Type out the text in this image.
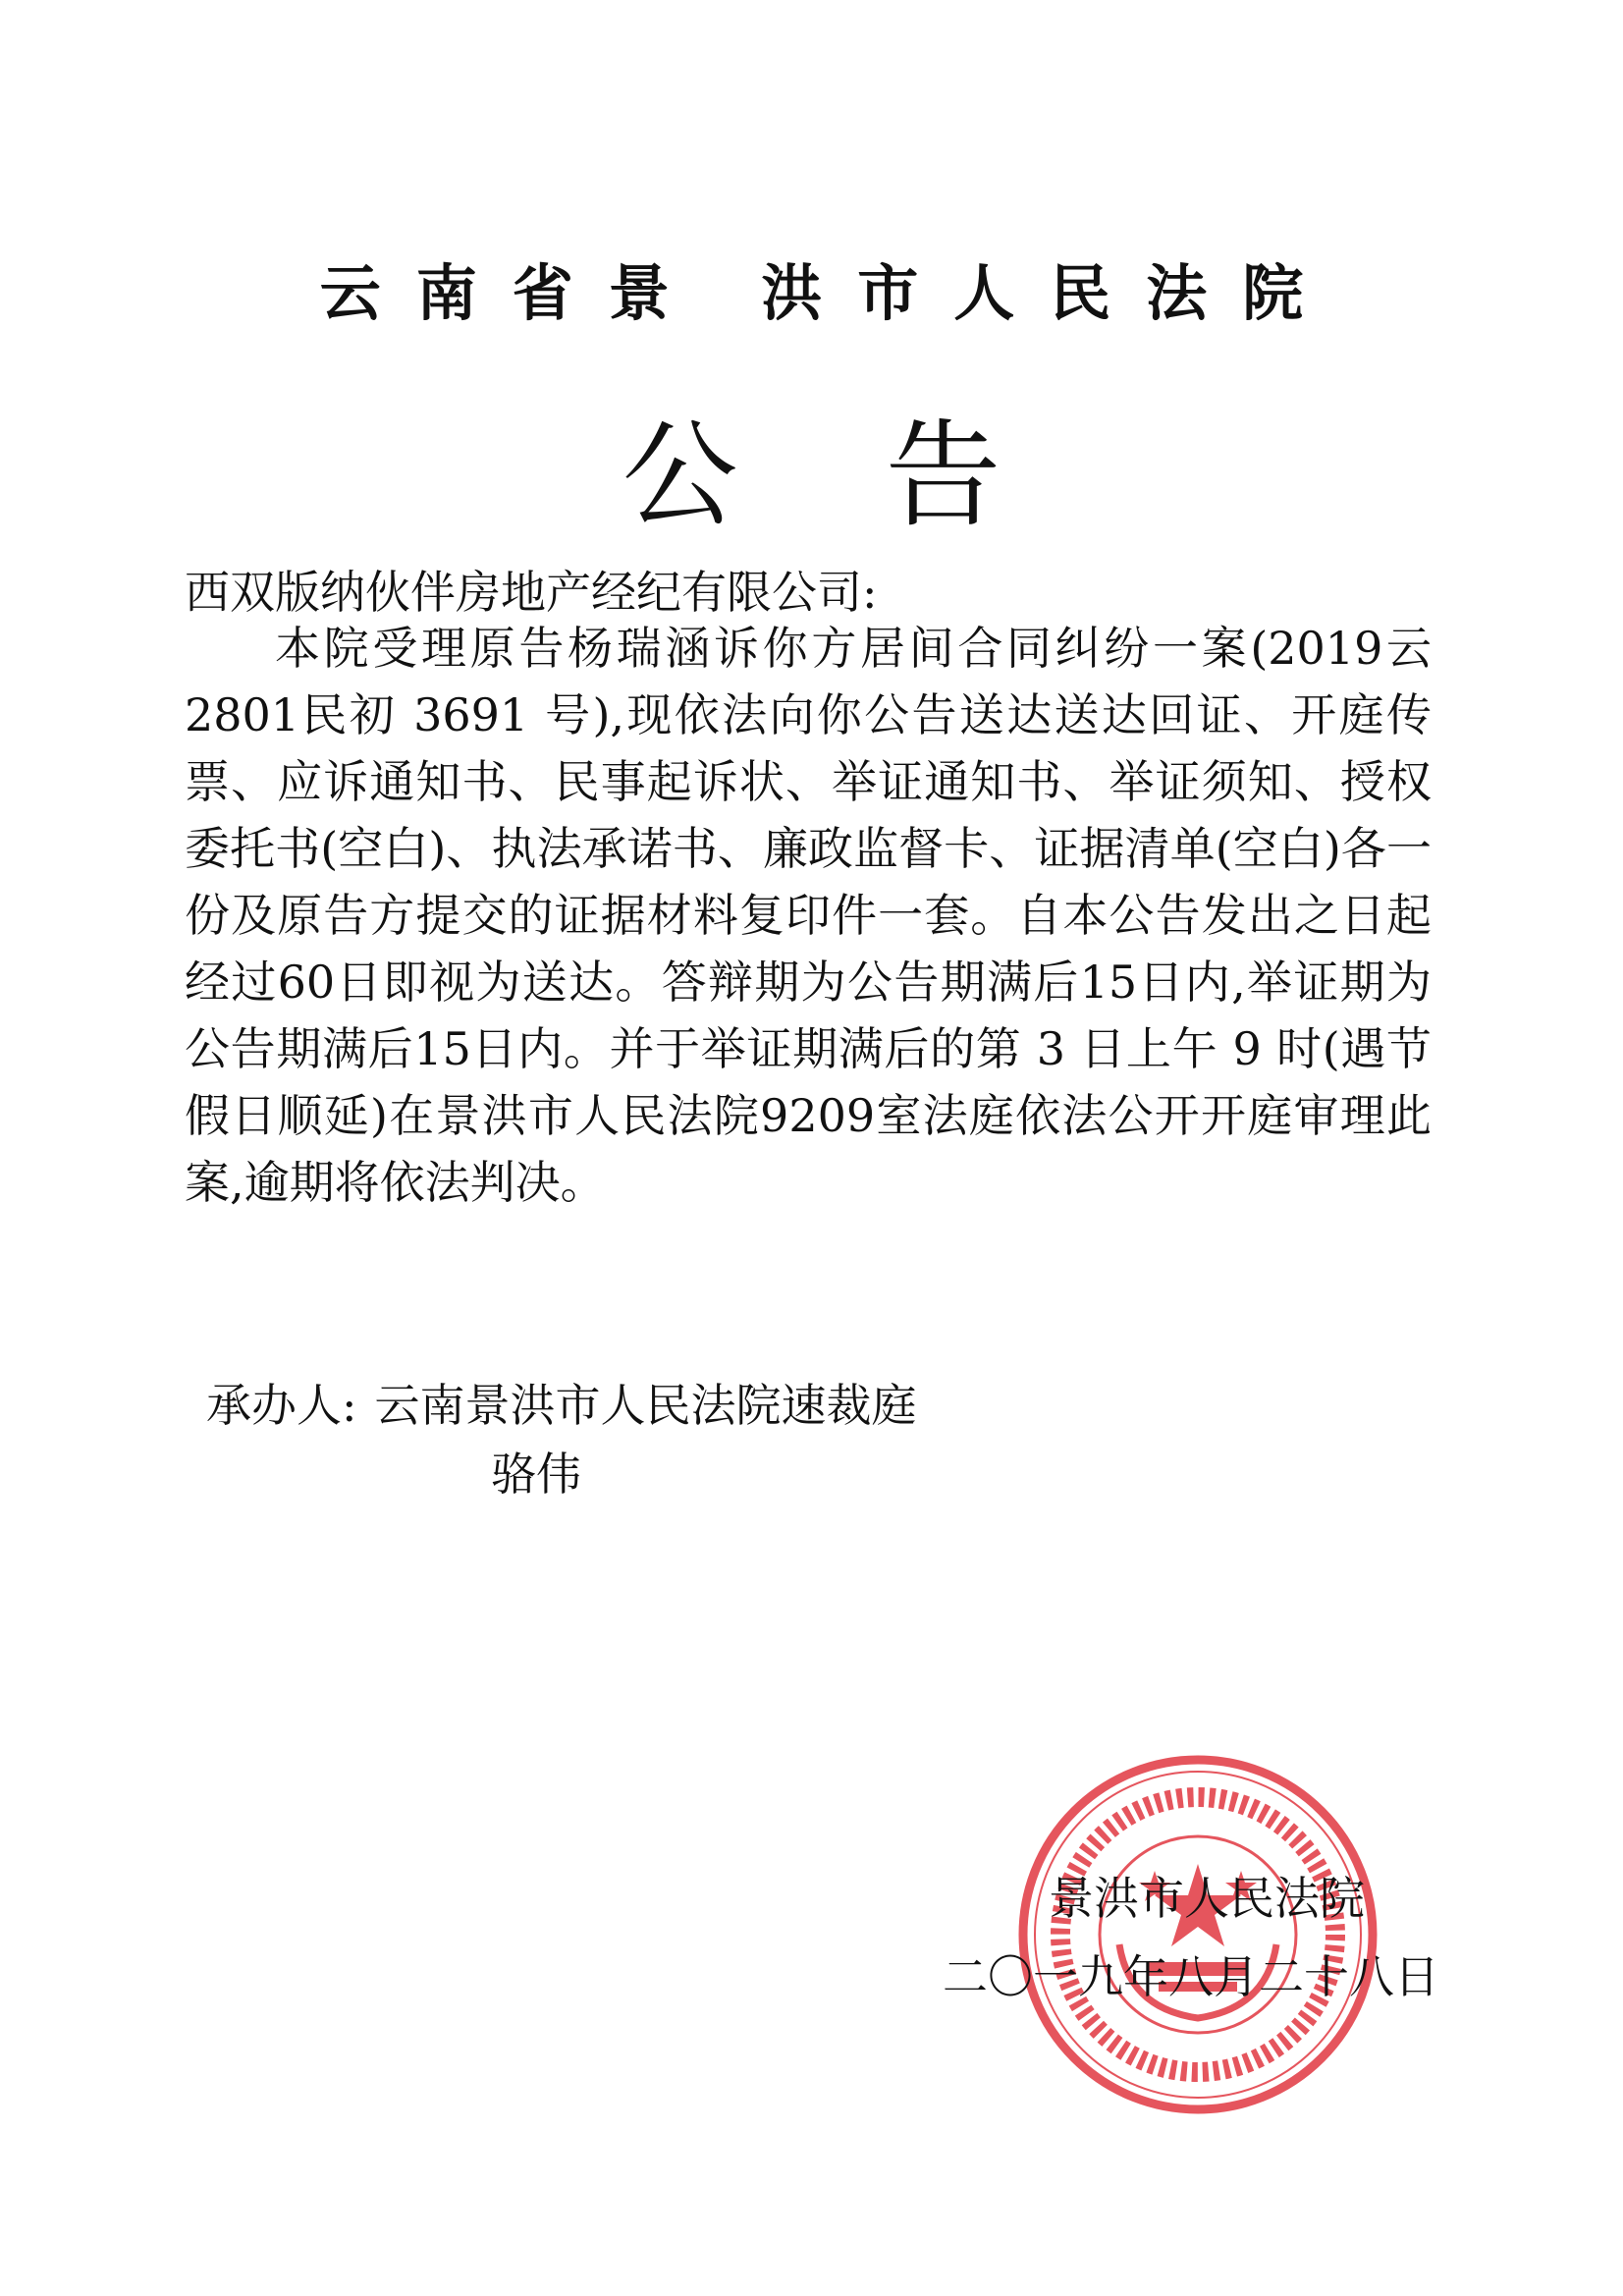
云南省景 洪市人民法院
公告
西双版纳伙伴房地产经纪有限公司:

本院受理原告杨瑞涵诉你方居间合同纠纷一案(2019云2801民初 3691 号),现依法向你公告送达送达回证、开庭传票、应诉通知书、民事起诉状、举证通知书、举证须知、授权委托书(空白)、执法承诺书、廉政监督卡、证据清单(空白)各一份及原告方提交的证据材料复印件一套。自本公告发出之日起经过60日即视为送达。答辩期为公告期满后15日内,举证期为公告期满后15日内。并于举证期满后的第 3 日上午 9 时(遇节假日顺延)在景洪市人民法院9209室法庭依法公开开庭审理此案,逾期将依法判决。

承办人: 云南景洪市人民法院速裁庭
骆伟
景洪市人民法院
二〇一九年八月二十八日
